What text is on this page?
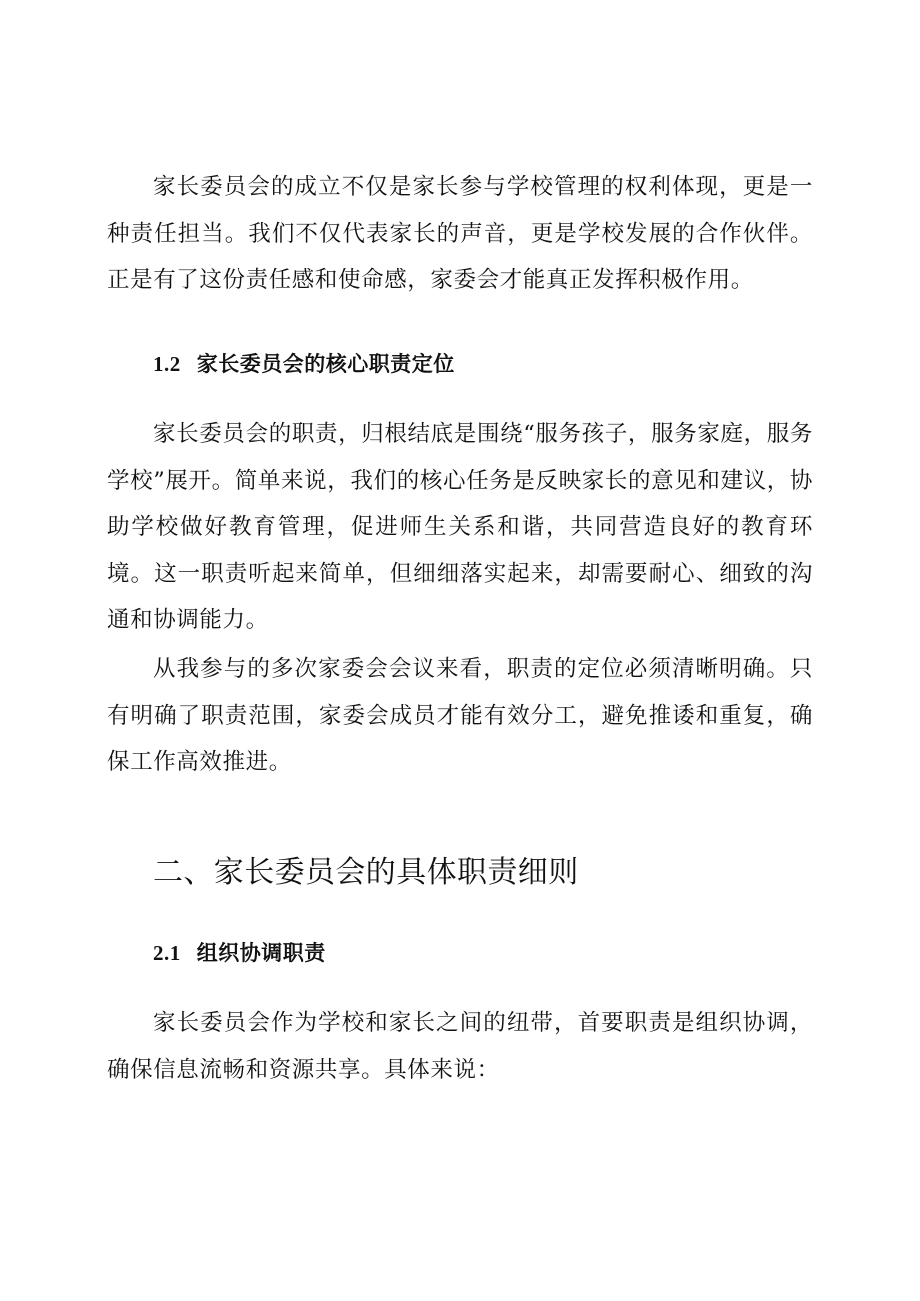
家长委员会的成立不仅是家长参与学校管理的权利体现，更是一种责任担当。我们不仅代表家长的声音，更是学校发展的合作伙伴。正是有了这份责任感和使命感，家委会才能真正发挥积极作用。

1.2 家长委员会的核心职责定位

家长委员会的职责，归根结底是围绕“服务孩子，服务家庭，服务学校”展开。简单来说，我们的核心任务是反映家长的意见和建议，协助学校做好教育管理，促进师生关系和谐，共同营造良好的教育环境。这一职责听起来简单，但细细落实起来，却需要耐心、细致的沟通和协调能力。

从我参与的多次家委会会议来看，职责的定位必须清晰明确。只有明确了职责范围，家委会成员才能有效分工，避免推诿和重复，确保工作高效推进。

二、家长委员会的具体职责细则
2.1 组织协调职责

家长委员会作为学校和家长之间的纽带，首要职责是组织协调，确保信息流畅和资源共享。具体来说：
